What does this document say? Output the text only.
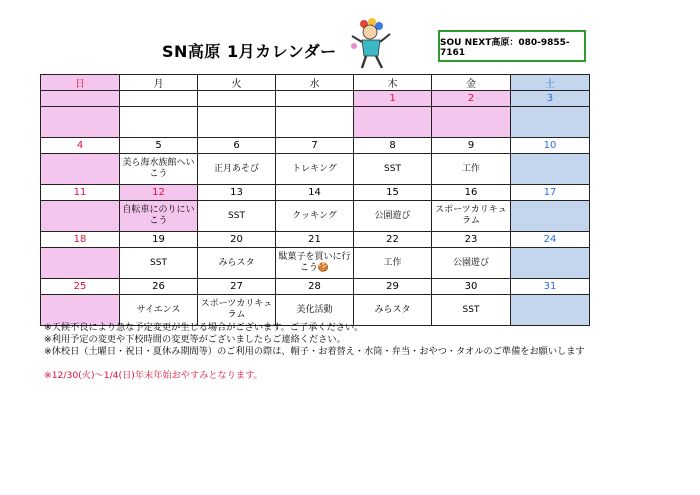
SN高原 1月カレンダー	SOU NEXT高原：080-9855-7161
日	月	火	水	木	金	土
				1	2	3

4	5	6	7	8	9	10
	美ら海水族館へいこう	正月あそび	トレキング	SST	工作	
11	12	13	14	15	16	17
	自転車にのりにいこう	SST	クッキング	公園遊び	スポーツカリキュラム	
18	19	20	21	22	23	24
	SST	みらスタ	駄菓子を買いに行こう🍪	工作	公園遊び	
25	26	27	28	29	30	31
	サイエンス	スポーツカリキュラム	美化活動	みらスタ	SST	
※天候不良により急な予定変更が生じる場合がございます。ご了承ください。
※利用予定の変更や下校時間の変更等がございましたらご連絡ください。
※休校日（土曜日・祝日・夏休み期間等）のご利用の際は、帽子・お着替え・水筒・弁当・おやつ・タオルのご準備をお願いします
※12/30(火)～1/4(日)年末年始おやすみとなります。
